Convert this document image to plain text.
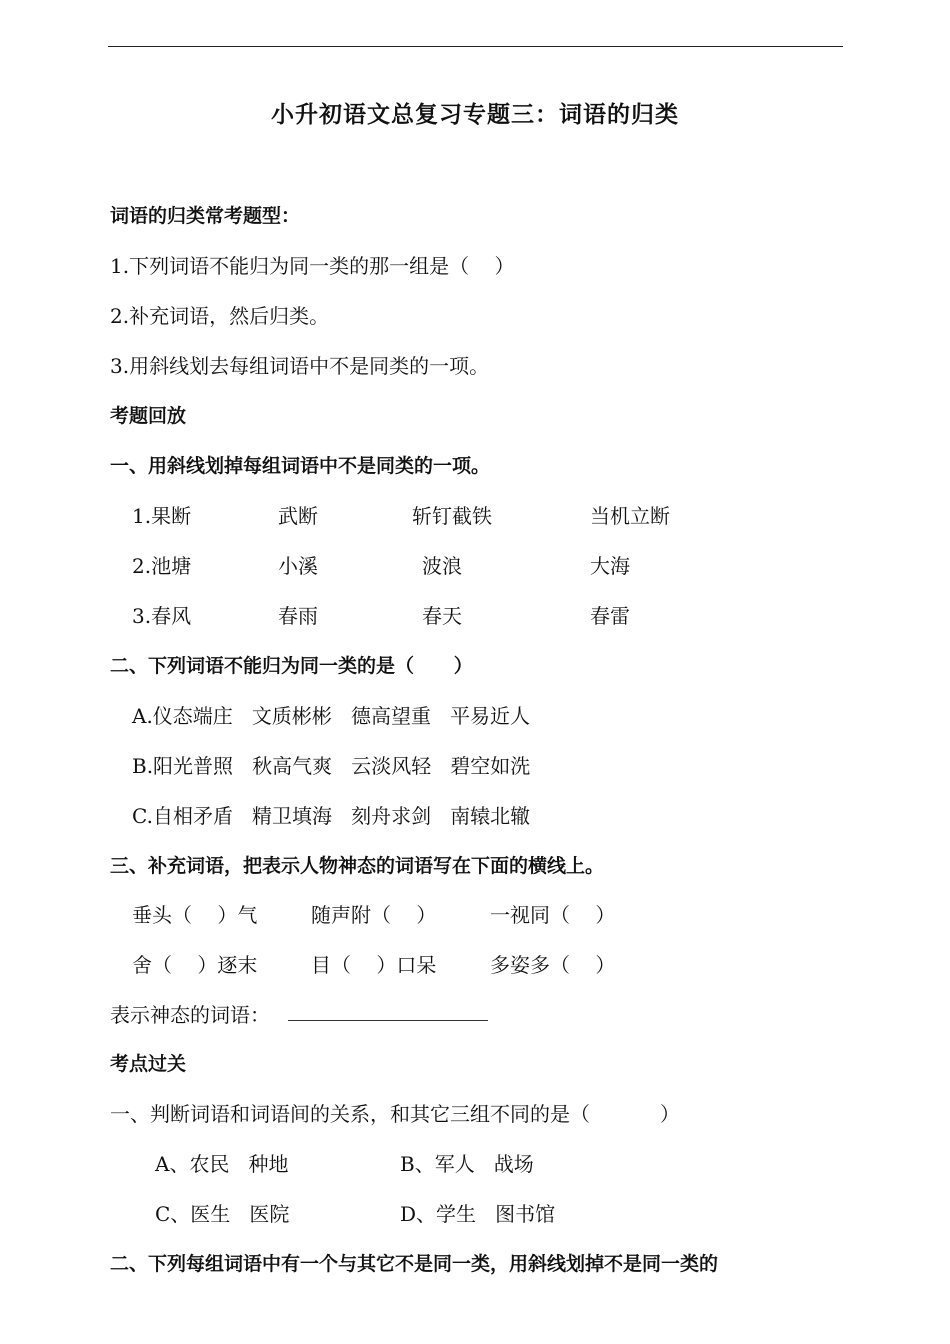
小升初语文总复习专题三：词语的归类
词语的归类常考题型：
1.下列词语不能归为同一类的那一组是（    ）
2.补充词语，然后归类。
3.用斜线划去每组词语中不是同类的一项。
考题回放
一、用斜线划掉每组词语中不是同类的一项。
1.果断	武断	斩钉截铁	当机立断
2.池塘	小溪	波浪	大海
3.春风	春雨	春天	春雷
二、下列词语不能归为同一类的是（      ）
A.仪态端庄   文质彬彬   德高望重   平易近人
B.阳光普照   秋高气爽   云淡风轻   碧空如洗
C.自相矛盾   精卫填海   刻舟求剑   南辕北辙
三、补充词语，把表示人物神态的词语写在下面的横线上。
垂头（    ）气	随声附（    ）	一视同（    ）
舍（    ）逐末	目（    ）口呆	多姿多（    ）
表示神态的词语：
考点过关
一、判断词语和词语间的关系，和其它三组不同的是（           ）
A、农民   种地	B、军人   战场
C、医生   医院	D、学生   图书馆
二、下列每组词语中有一个与其它不是同一类，用斜线划掉不是同一类的
